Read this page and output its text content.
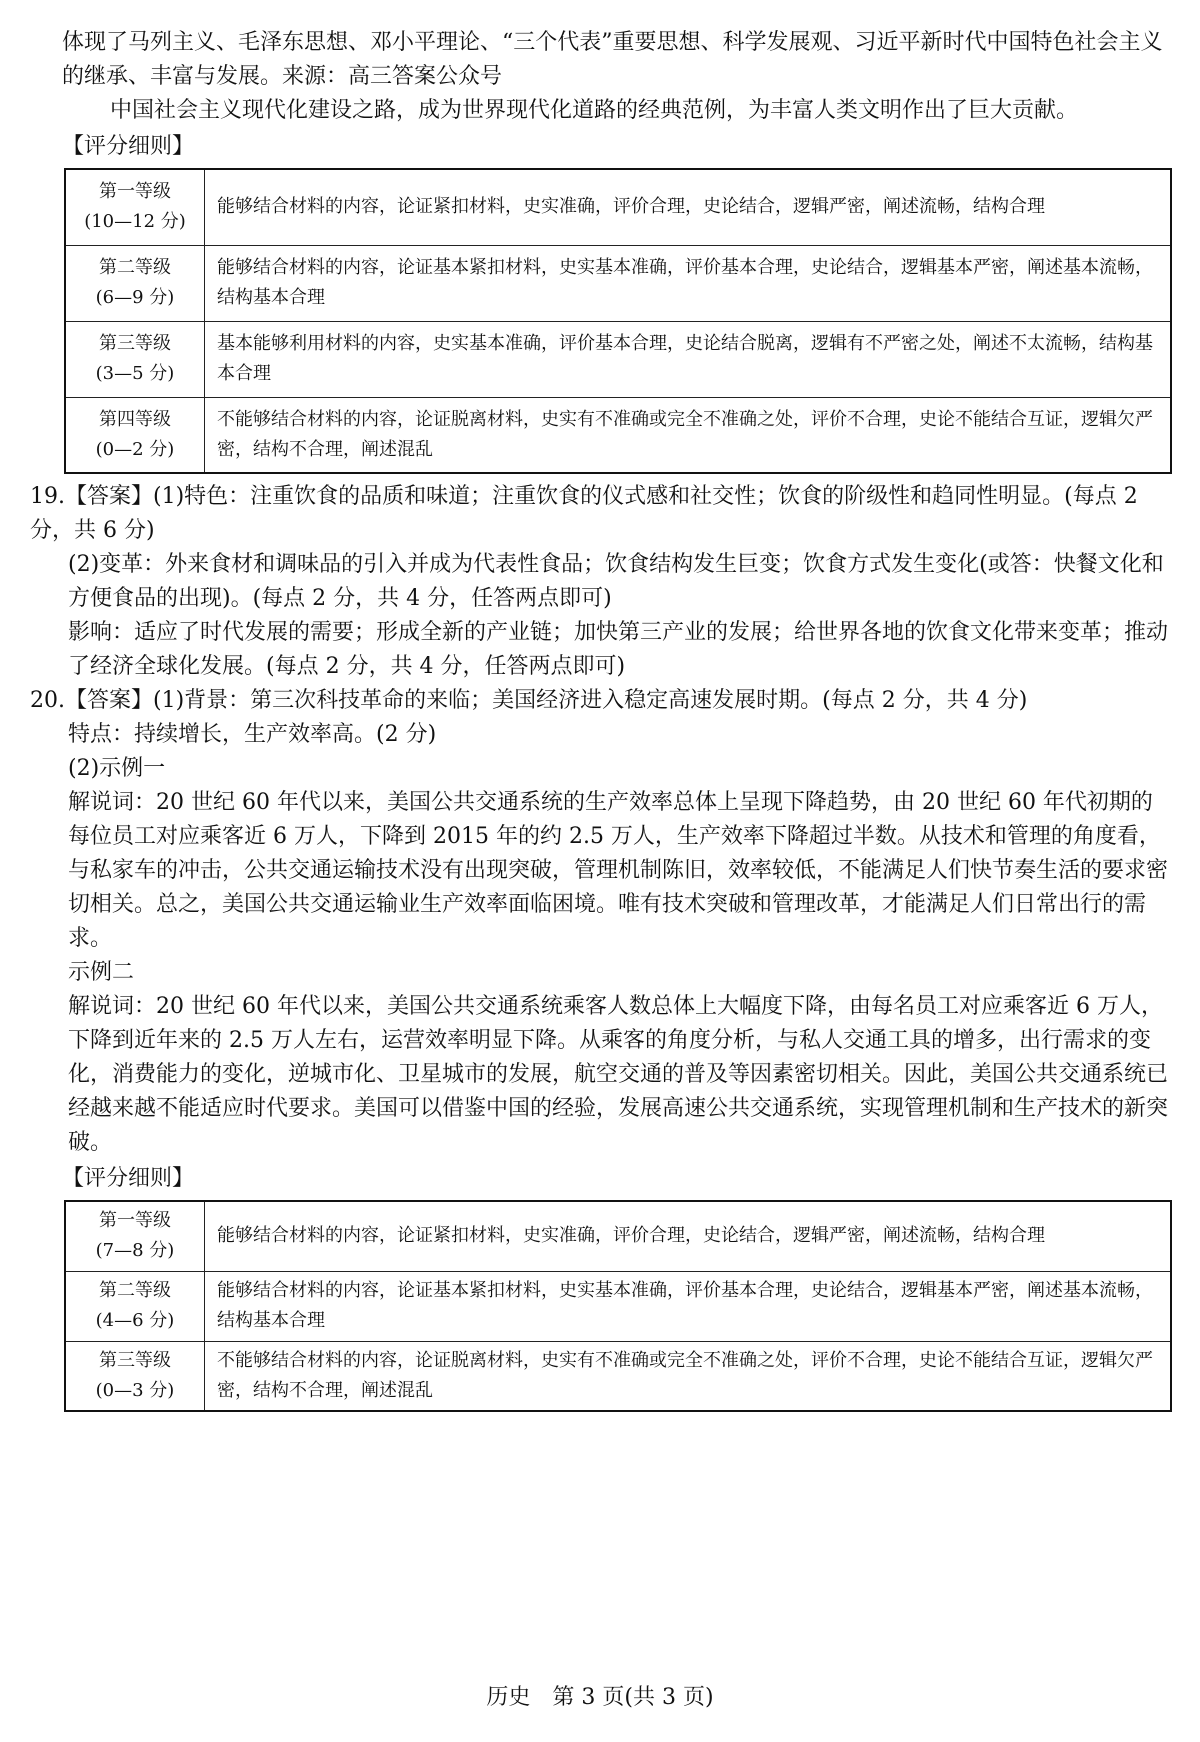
体现了马列主义、毛泽东思想、邓小平理论、“三个代表”重要思想、科学发展观、习近平新时代中国特色社会主义的继承、丰富与发展。来源：高三答案公众号

中国社会主义现代化建设之路，成为世界现代化道路的经典范例，为丰富人类文明作出了巨大贡献。

【评分细则】

第一等级
(10—12 分)	能够结合材料的内容，论证紧扣材料，史实准确，评价合理，史论结合，逻辑严密，阐述流畅，结构合理

第二等级
(6—9 分)	能够结合材料的内容，论证基本紧扣材料，史实基本准确，评价基本合理，史论结合，逻辑基本严密，阐述基本流畅，结构基本合理

第三等级
(3—5 分)	基本能够利用材料的内容，史实基本准确，评价基本合理，史论结合脱离，逻辑有不严密之处，阐述不太流畅，结构基本合理

第四等级
(0—2 分)	不能够结合材料的内容，论证脱离材料，史实有不准确或完全不准确之处，评价不合理，史论不能结合互证，逻辑欠严密，结构不合理，阐述混乱

19.【答案】(1)特色：注重饮食的品质和味道；注重饮食的仪式感和社交性；饮食的阶级性和趋同性明显。(每点 2 分，共 6 分)

(2)变革：外来食材和调味品的引入并成为代表性食品；饮食结构发生巨变；饮食方式发生变化(或答：快餐文化和方便食品的出现)。(每点 2 分，共 4 分，任答两点即可)

影响：适应了时代发展的需要；形成全新的产业链；加快第三产业的发展；给世界各地的饮食文化带来变革；推动了经济全球化发展。(每点 2 分，共 4 分，任答两点即可)

20.【答案】(1)背景：第三次科技革命的来临；美国经济进入稳定高速发展时期。(每点 2 分，共 4 分)

特点：持续增长，生产效率高。(2 分)

(2)示例一

解说词：20 世纪 60 年代以来，美国公共交通系统的生产效率总体上呈现下降趋势，由 20 世纪 60 年代初期的每位员工对应乘客近 6 万人，下降到 2015 年的约 2.5 万人，生产效率下降超过半数。从技术和管理的角度看，与私家车的冲击，公共交通运输技术没有出现突破，管理机制陈旧，效率较低，不能满足人们快节奏生活的要求密切相关。总之，美国公共交通运输业生产效率面临困境。唯有技术突破和管理改革，才能满足人们日常出行的需求。

示例二

解说词：20 世纪 60 年代以来，美国公共交通系统乘客人数总体上大幅度下降，由每名员工对应乘客近 6 万人，下降到近年来的 2.5 万人左右，运营效率明显下降。从乘客的角度分析，与私人交通工具的增多，出行需求的变化，消费能力的变化，逆城市化、卫星城市的发展，航空交通的普及等因素密切相关。因此，美国公共交通系统已经越来越不能适应时代要求。美国可以借鉴中国的经验，发展高速公共交通系统，实现管理机制和生产技术的新突破。

【评分细则】

第一等级
(7—8 分)	能够结合材料的内容，论证紧扣材料，史实准确，评价合理，史论结合，逻辑严密，阐述流畅，结构合理

第二等级
(4—6 分)	能够结合材料的内容，论证基本紧扣材料，史实基本准确，评价基本合理，史论结合，逻辑基本严密，阐述基本流畅，结构基本合理

第三等级
(0—3 分)	不能够结合材料的内容，论证脱离材料，史实有不准确或完全不准确之处，评价不合理，史论不能结合互证，逻辑欠严密，结构不合理，阐述混乱
历史　第 3 页(共 3 页)
